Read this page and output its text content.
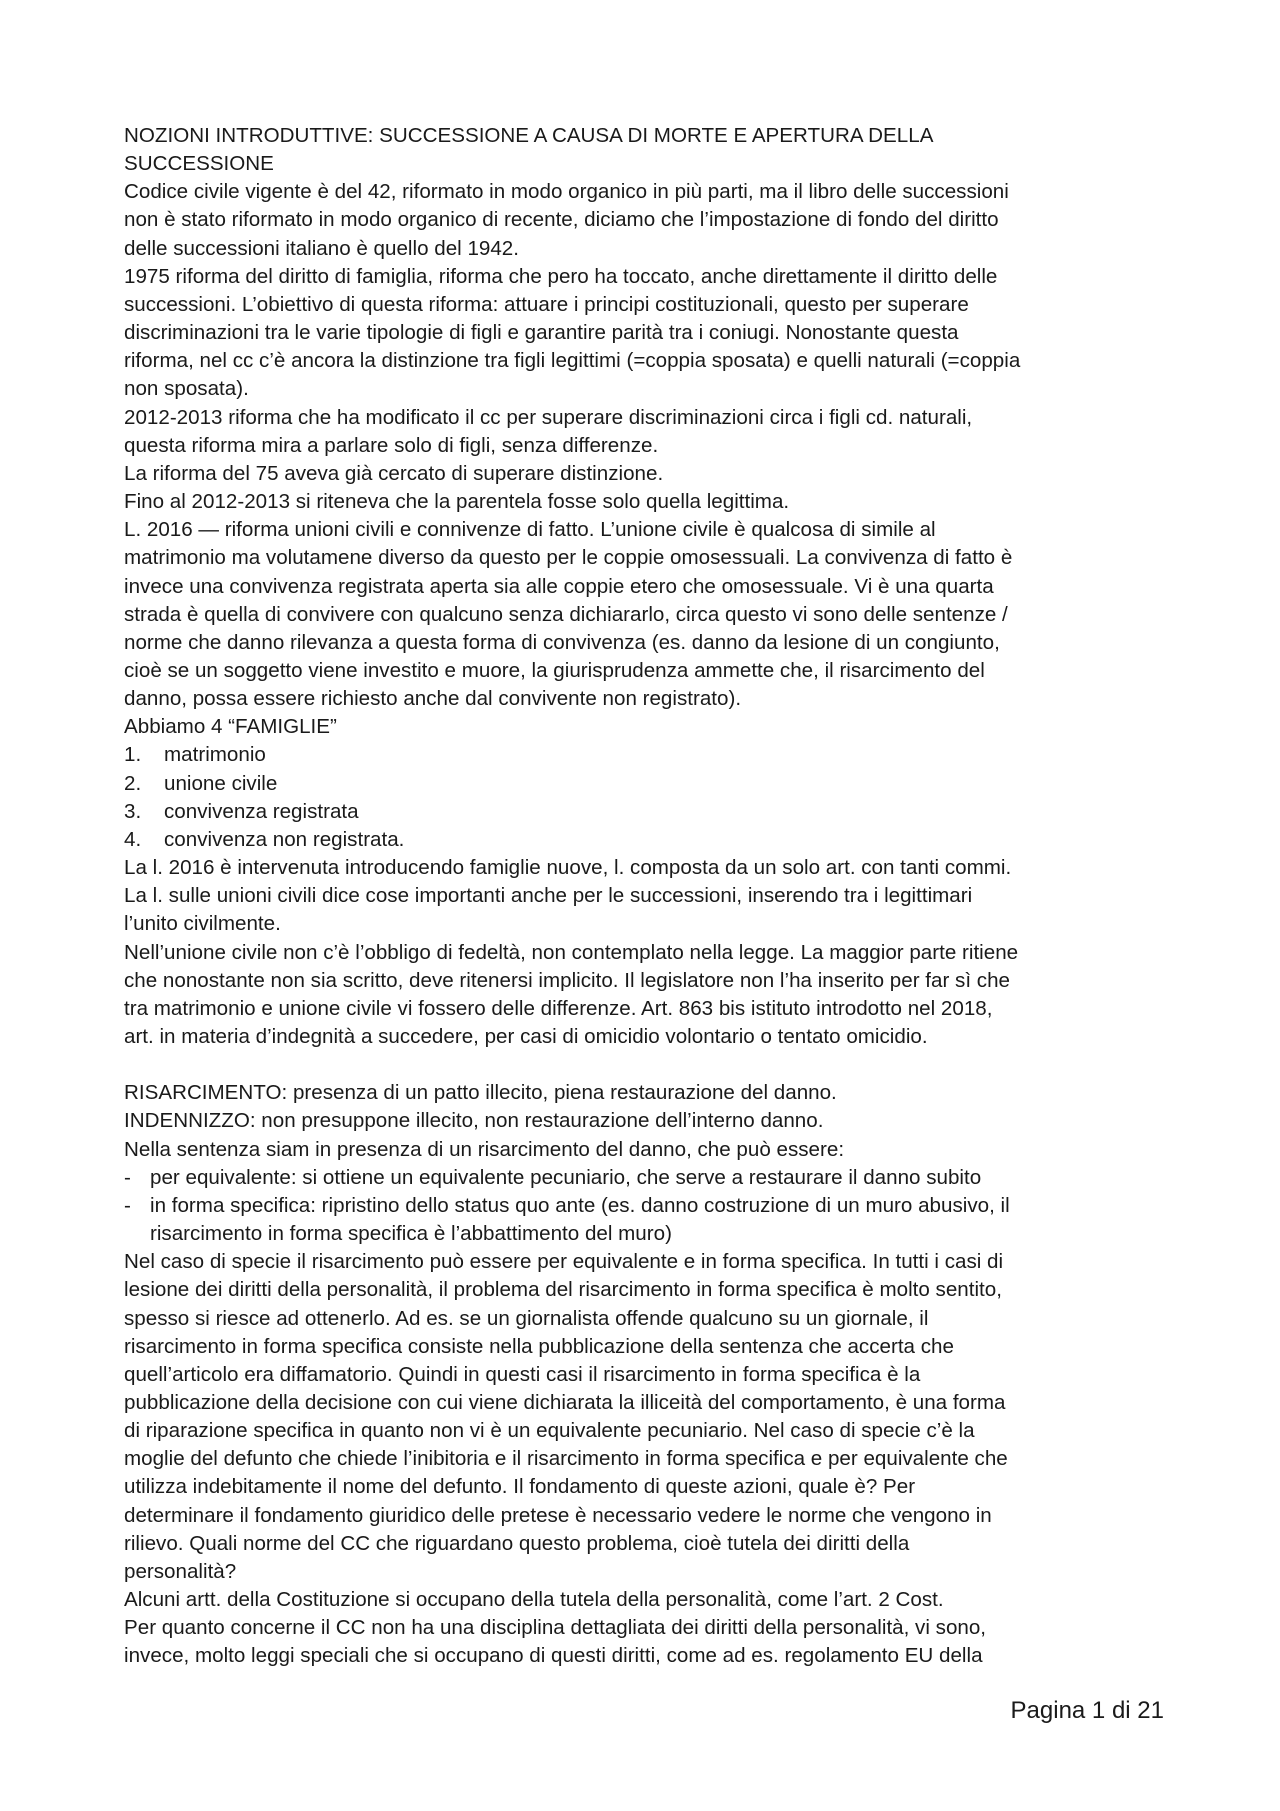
NOZIONI INTRODUTTIVE: SUCCESSIONE A CAUSA DI MORTE E APERTURA DELLA
SUCCESSIONE
Codice civile vigente è del 42, riformato in modo organico in più parti, ma il libro delle successioni
non è stato riformato in modo organico di recente, diciamo che l’impostazione di fondo del diritto
delle successioni italiano è quello del 1942.
1975 riforma del diritto di famiglia, riforma che pero ha toccato, anche direttamente il diritto delle
successioni. L’obiettivo di questa riforma: attuare i principi costituzionali, questo per superare
discriminazioni tra le varie tipologie di figli e garantire parità tra i coniugi. Nonostante questa
riforma, nel cc c’è ancora la distinzione tra figli legittimi (=coppia sposata) e quelli naturali (=coppia
non sposata).
2012-2013 riforma che ha modificato il cc per superare discriminazioni circa i figli cd. naturali,
questa riforma mira a parlare solo di figli, senza differenze.
La riforma del 75 aveva già cercato di superare distinzione.
Fino al 2012-2013 si riteneva che la parentela fosse solo quella legittima.
L. 2016 — riforma unioni civili e connivenze di fatto. L’unione civile è qualcosa di simile al
matrimonio ma volutamene diverso da questo per le coppie omosessuali. La convivenza di fatto è
invece una convivenza registrata aperta sia alle coppie etero che omosessuale. Vi è una quarta
strada è quella di convivere con qualcuno senza dichiararlo, circa questo vi sono delle sentenze /
norme che danno rilevanza a questa forma di convivenza (es. danno da lesione di un congiunto,
cioè se un soggetto viene investito e muore, la giurisprudenza ammette che, il risarcimento del
danno, possa essere richiesto anche dal convivente non registrato).
Abbiamo 4 “FAMIGLIE”
1. matrimonio
2. unione civile
3. convivenza registrata
4. convivenza non registrata.
La l. 2016 è intervenuta introducendo famiglie nuove, l. composta da un solo art. con tanti commi.
La l. sulle unioni civili dice cose importanti anche per le successioni, inserendo tra i legittimari
l’unito civilmente.
Nell’unione civile non c’è l’obbligo di fedeltà, non contemplato nella legge. La maggior parte ritiene
che nonostante non sia scritto, deve ritenersi implicito. Il legislatore non l’ha inserito per far sì che
tra matrimonio e unione civile vi fossero delle differenze. Art. 863 bis istituto introdotto nel 2018,
art. in materia d’indegnità a succedere, per casi di omicidio volontario o tentato omicidio.
RISARCIMENTO: presenza di un patto illecito, piena restaurazione del danno.
INDENNIZZO: non presuppone illecito, non restaurazione dell’interno danno.
Nella sentenza siam in presenza di un risarcimento del danno, che può essere:
- per equivalente: si ottiene un equivalente pecuniario, che serve a restaurare il danno subito
- in forma specifica: ripristino dello status quo ante (es. danno costruzione di un muro abusivo, il
risarcimento in forma specifica è l’abbattimento del muro)
Nel caso di specie il risarcimento può essere per equivalente e in forma specifica. In tutti i casi di
lesione dei diritti della personalità, il problema del risarcimento in forma specifica è molto sentito,
spesso si riesce ad ottenerlo. Ad es. se un giornalista offende qualcuno su un giornale, il
risarcimento in forma specifica consiste nella pubblicazione della sentenza che accerta che
quell’articolo era diffamatorio. Quindi in questi casi il risarcimento in forma specifica è la
pubblicazione della decisione con cui viene dichiarata la illiceità del comportamento, è una forma
di riparazione specifica in quanto non vi è un equivalente pecuniario. Nel caso di specie c’è la
moglie del defunto che chiede l’inibitoria e il risarcimento in forma specifica e per equivalente che
utilizza indebitamente il nome del defunto. Il fondamento di queste azioni, quale è? Per
determinare il fondamento giuridico delle pretese è necessario vedere le norme che vengono in
rilievo. Quali norme del CC che riguardano questo problema, cioè tutela dei diritti della
personalità?
Alcuni artt. della Costituzione si occupano della tutela della personalità, come l’art. 2 Cost.
Per quanto concerne il CC non ha una disciplina dettagliata dei diritti della personalità, vi sono,
invece, molto leggi speciali che si occupano di questi diritti, come ad es. regolamento EU della
Pagina 1 di 21
